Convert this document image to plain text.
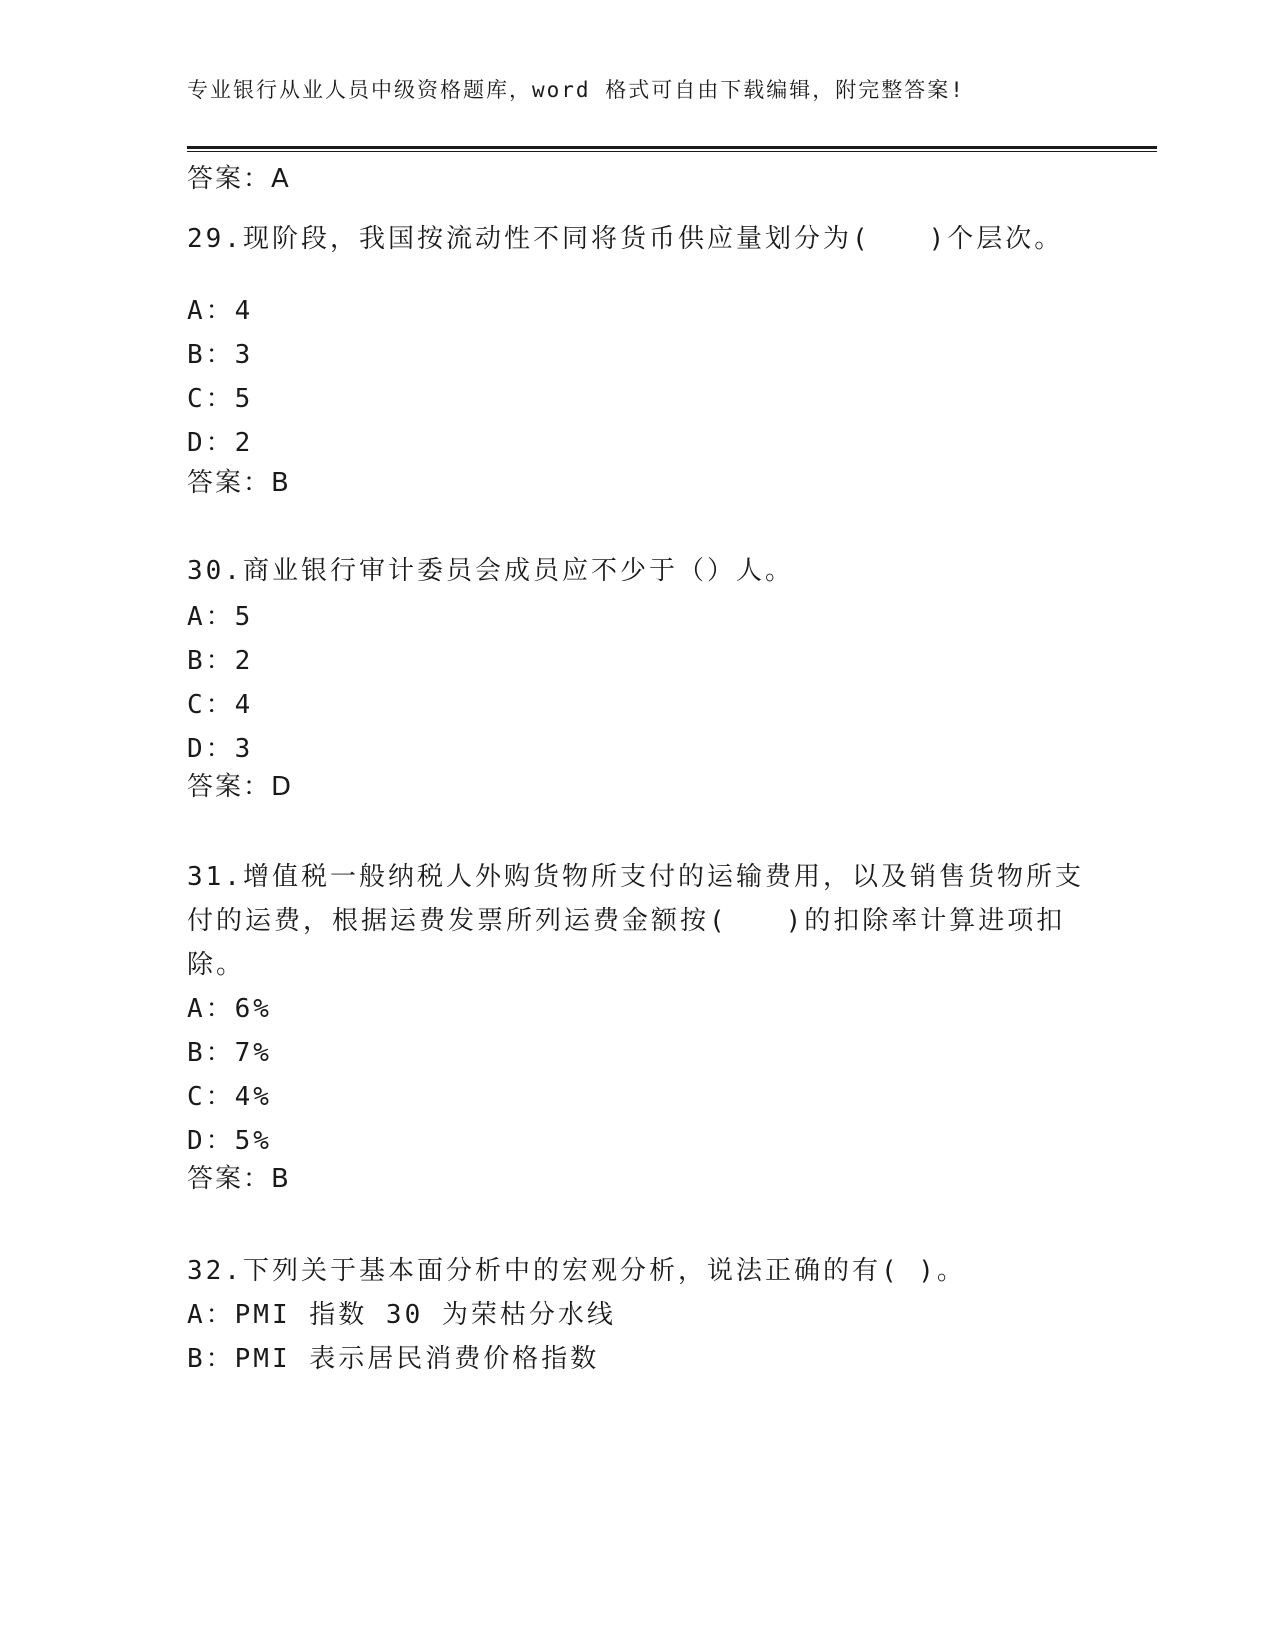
专业银行从业人员中级资格题库，word 格式可自由下载编辑，附完整答案!
答案：A
29.现阶段，我国按流动性不同将货币供应量划分为(　　)个层次。
A：4
B：3
C：5
D：2
答案：B
30.商业银行审计委员会成员应不少于（）人。
A：5
B：2
C：4
D：3
答案：D
31.增值税一般纳税人外购货物所支付的运输费用，以及销售货物所支
付的运费，根据运费发票所列运费金额按(　　)的扣除率计算进项扣
除。
A：6%
B：7%
C：4%
D：5%
答案：B
32.下列关于基本面分析中的宏观分析，说法正确的有( )。
A：PMI 指数 30 为荣枯分水线
B：PMI 表示居民消费价格指数
